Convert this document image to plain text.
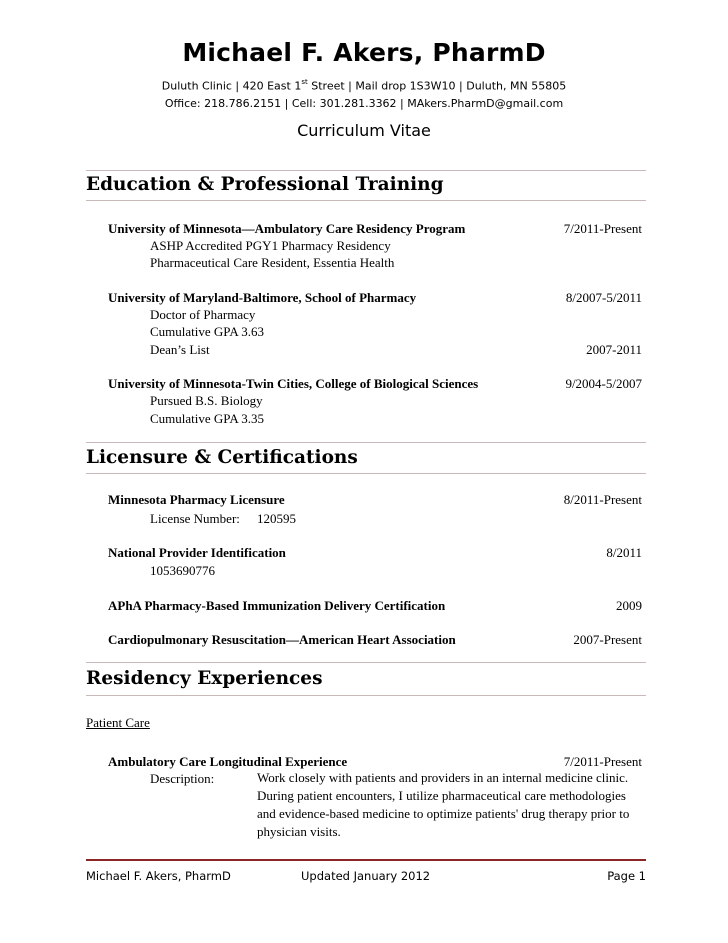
Michael F. Akers, PharmD
Duluth Clinic | 420 East 1st Street | Mail drop 1S3W10 | Duluth, MN 55805
Office: 218.786.2151 | Cell: 301.281.3362 | MAkers.PharmD@gmail.com
Curriculum Vitae
Education & Professional Training
University of Minnesota—Ambulatory Care Residency Program	7/2011-Present
ASHP Accredited PGY1 Pharmacy Residency
Pharmaceutical Care Resident, Essentia Health
University of Maryland-Baltimore, School of Pharmacy	8/2007-5/2011
Doctor of Pharmacy
Cumulative GPA 3.63
Dean’s List	2007-2011
University of Minnesota-Twin Cities, College of Biological Sciences	9/2004-5/2007
Pursued B.S. Biology
Cumulative GPA 3.35
Licensure & Certifications
Minnesota Pharmacy Licensure	8/2011-Present
License Number: 120595
National Provider Identification	8/2011
1053690776
APhA Pharmacy-Based Immunization Delivery Certification	2009
Cardiopulmonary Resuscitation—American Heart Association	2007-Present
Residency Experiences
Patient Care
Ambulatory Care Longitudinal Experience	7/2011-Present
Description:	Work closely with patients and providers in an internal medicine clinic.
During patient encounters, I utilize pharmaceutical care methodologies
and evidence-based medicine to optimize patients' drug therapy prior to
physician visits.
Michael F. Akers, PharmD	Updated January 2012	Page 1
